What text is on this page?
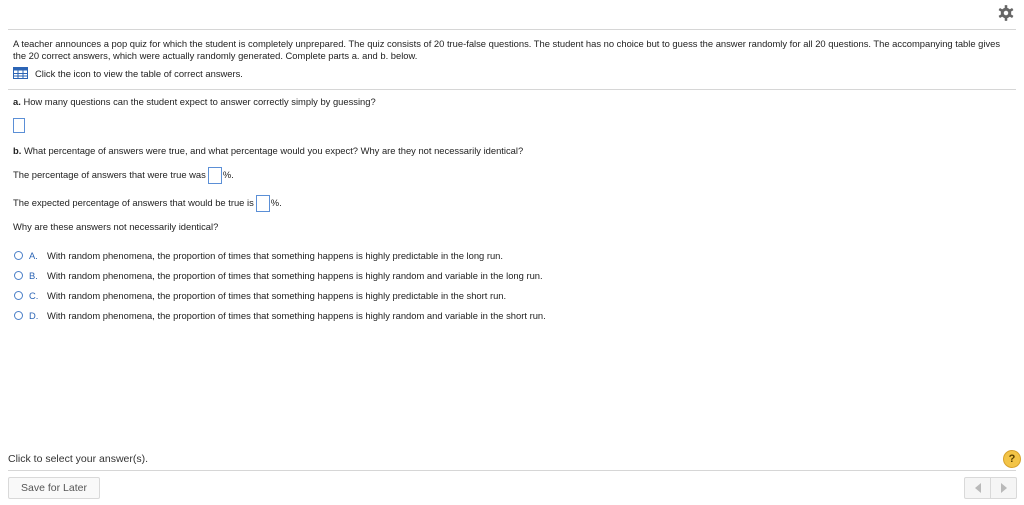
A teacher announces a pop quiz for which the student is completely unprepared. The quiz consists of 20 true-false questions. The student has no choice but to guess the answer randomly for all 20 questions. The accompanying table gives the 20 correct answers, which were actually randomly generated. Complete parts a. and b. below.
Click the icon to view the table of correct answers.
a. How many questions can the student expect to answer correctly simply by guessing?
b. What percentage of answers were true, and what percentage would you expect? Why are they not necessarily identical?
The percentage of answers that were true was %.
The expected percentage of answers that would be true is %.
Why are these answers not necessarily identical?
A. With random phenomena, the proportion of times that something happens is highly predictable in the long run.
B. With random phenomena, the proportion of times that something happens is highly random and variable in the long run.
C. With random phenomena, the proportion of times that something happens is highly predictable in the short run.
D. With random phenomena, the proportion of times that something happens is highly random and variable in the short run.
Click to select your answer(s).	?
Save for Later
